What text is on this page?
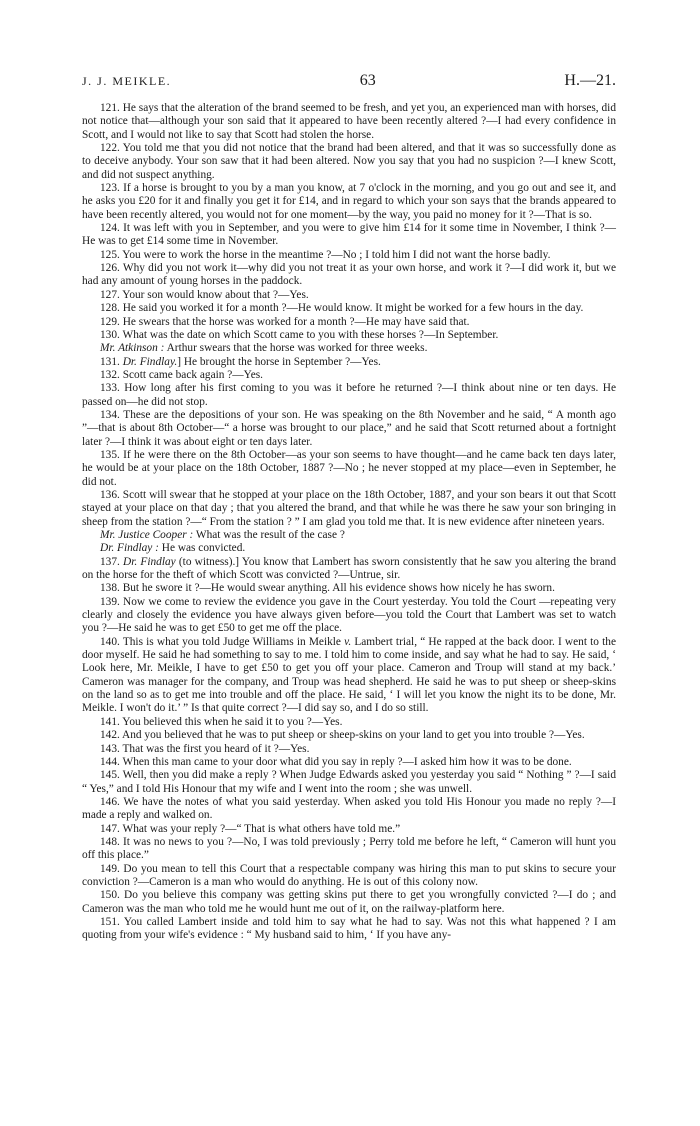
J. J. MEIKLE.	63	H.—21.

121. He says that the alteration of the brand seemed to be fresh, and yet you, an experienced man with horses, did not notice that—although your son said that it appeared to have been recently altered ?—I had every confidence in Scott, and I would not like to say that Scott had stolen the horse.

122. You told me that you did not notice that the brand had been altered, and that it was so successfully done as to deceive anybody. Your son saw that it had been altered. Now you say that you had no suspicion ?—I knew Scott, and did not suspect anything.

123. If a horse is brought to you by a man you know, at 7 o'clock in the morning, and you go out and see it, and he asks you £20 for it and finally you get it for £14, and in regard to which your son says that the brands appeared to have been recently altered, you would not for one moment—by the way, you paid no money for it ?—That is so.

124. It was left with you in September, and you were to give him £14 for it some time in November, I think ?—He was to get £14 some time in November.

125. You were to work the horse in the meantime ?—No ; I told him I did not want the horse badly.

126. Why did you not work it—why did you not treat it as your own horse, and work it ?—I did work it, but we had any amount of young horses in the paddock.

127. Your son would know about that ?—Yes.

128. He said you worked it for a month ?—He would know. It might be worked for a few hours in the day.

129. He swears that the horse was worked for a month ?—He may have said that.

130. What was the date on which Scott came to you with these horses ?—In September.

Mr. Atkinson : Arthur swears that the horse was worked for three weeks.

131. Dr. Findlay.] He brought the horse in September ?—Yes.

132. Scott came back again ?—Yes.

133. How long after his first coming to you was it before he returned ?—I think about nine or ten days. He passed on—he did not stop.

134. These are the depositions of your son. He was speaking on the 8th November and he said, “ A month ago ”—that is about 8th October—“ a horse was brought to our place,” and he said that Scott returned about a fortnight later ?—I think it was about eight or ten days later.

135. If he were there on the 8th October—as your son seems to have thought—and he came back ten days later, he would be at your place on the 18th October, 1887 ?—No ; he never stopped at my place—even in September, he did not.

136. Scott will swear that he stopped at your place on the 18th October, 1887, and your son bears it out that Scott stayed at your place on that day ; that you altered the brand, and that while he was there he saw your son bringing in sheep from the station ?—“ From the station ? ” I am glad you told me that. It is new evidence after nineteen years.

Mr. Justice Cooper : What was the result of the case ?

Dr. Findlay : He was convicted.

137. Dr. Findlay (to witness).] You know that Lambert has sworn consistently that he saw you altering the brand on the horse for the theft of which Scott was convicted ?—Untrue, sir.

138. But he swore it ?—He would swear anything. All his evidence shows how nicely he has sworn.

139. Now we come to review the evidence you gave in the Court yesterday. You told the Court —repeating very clearly and closely the evidence you have always given before—you told the Court that Lambert was set to watch you ?—He said he was to get £50 to get me off the place.

140. This is what you told Judge Williams in Meikle v. Lambert trial, “ He rapped at the back door. I went to the door myself. He said he had something to say to me. I told him to come inside, and say what he had to say. He said, ‘ Look here, Mr. Meikle, I have to get £50 to get you off your place. Cameron and Troup will stand at my back.’ Cameron was manager for the company, and Troup was head shepherd. He said he was to put sheep or sheep-skins on the land so as to get me into trouble and off the place. He said, ‘ I will let you know the night its to be done, Mr. Meikle. I won't do it.’ ” Is that quite correct ?—I did say so, and I do so still.

141. You believed this when he said it to you ?—Yes.

142. And you believed that he was to put sheep or sheep-skins on your land to get you into trouble ?—Yes.

143. That was the first you heard of it ?—Yes.

144. When this man came to your door what did you say in reply ?—I asked him how it was to be done.

145. Well, then you did make a reply ? When Judge Edwards asked you yesterday you said “ Nothing ” ?—I said “ Yes,” and I told His Honour that my wife and I went into the room ; she was unwell.

146. We have the notes of what you said yesterday. When asked you told His Honour you made no reply ?—I made a reply and walked on.

147. What was your reply ?—“ That is what others have told me.”

148. It was no news to you ?—No, I was told previously ; Perry told me before he left, “ Cameron will hunt you off this place.”

149. Do you mean to tell this Court that a respectable company was hiring this man to put skins to secure your conviction ?—Cameron is a man who would do anything. He is out of this colony now.

150. Do you believe this company was getting skins put there to get you wrongfully convicted ?—I do ; and Cameron was the man who told me he would hunt me out of it, on the railway-platform here.

151. You called Lambert inside and told him to say what he had to say. Was not this what happened ? I am quoting from your wife's evidence : “ My husband said to him, ‘ If you have any-
